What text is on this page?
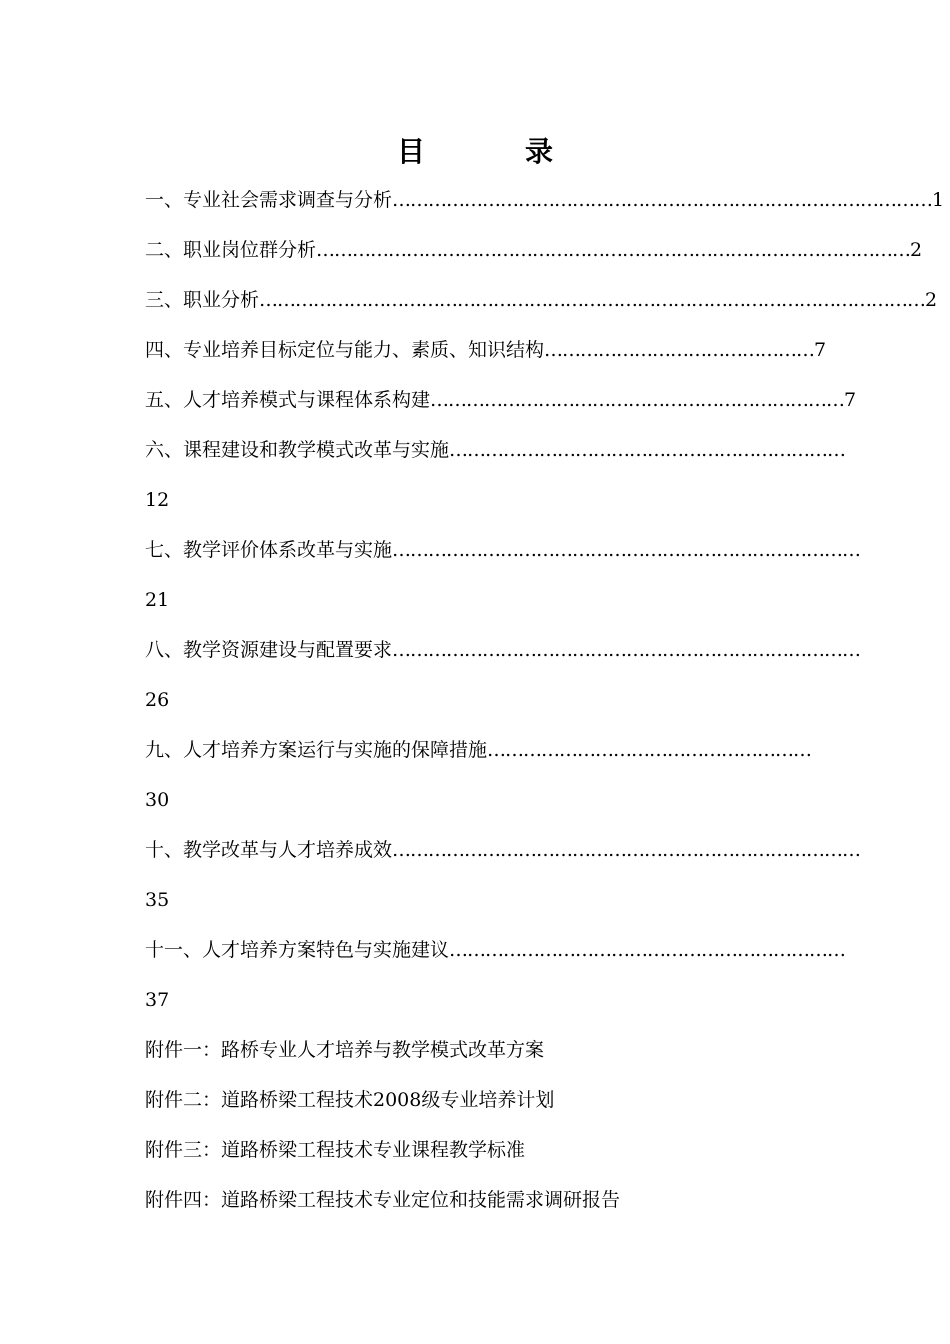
目　录
一、专业社会需求调查与分析 ……………………………………………………………………………… 1
二、职业岗位群分析 ……………………………………………………………………………………… 2
三、职业分析 ………………………………………………………………………………………………… 2
四、专业培养目标定位与能力、素质、知识结构 ……………………………………… 7
五、人才培养模式与课程体系构建 …………………………………………………………… 7
六、课程建设和教学模式改革与实施 …………………………………………………………
12
七、教学评价体系改革与实施 ……………………………………………………………………
21
八、教学资源建设与配置要求 ……………………………………………………………………
26
九、人才培养方案运行与实施的保障措施 ………………………………………………
30
十、教学改革与人才培养成效 ……………………………………………………………………
35
十一、人才培养方案特色与实施建议 …………………………………………………………
37
附件一：路桥专业人才培养与教学模式改革方案
附件二：道路桥梁工程技术2008级专业培养计划
附件三：道路桥梁工程技术专业课程教学标准
附件四：道路桥梁工程技术专业定位和技能需求调研报告
